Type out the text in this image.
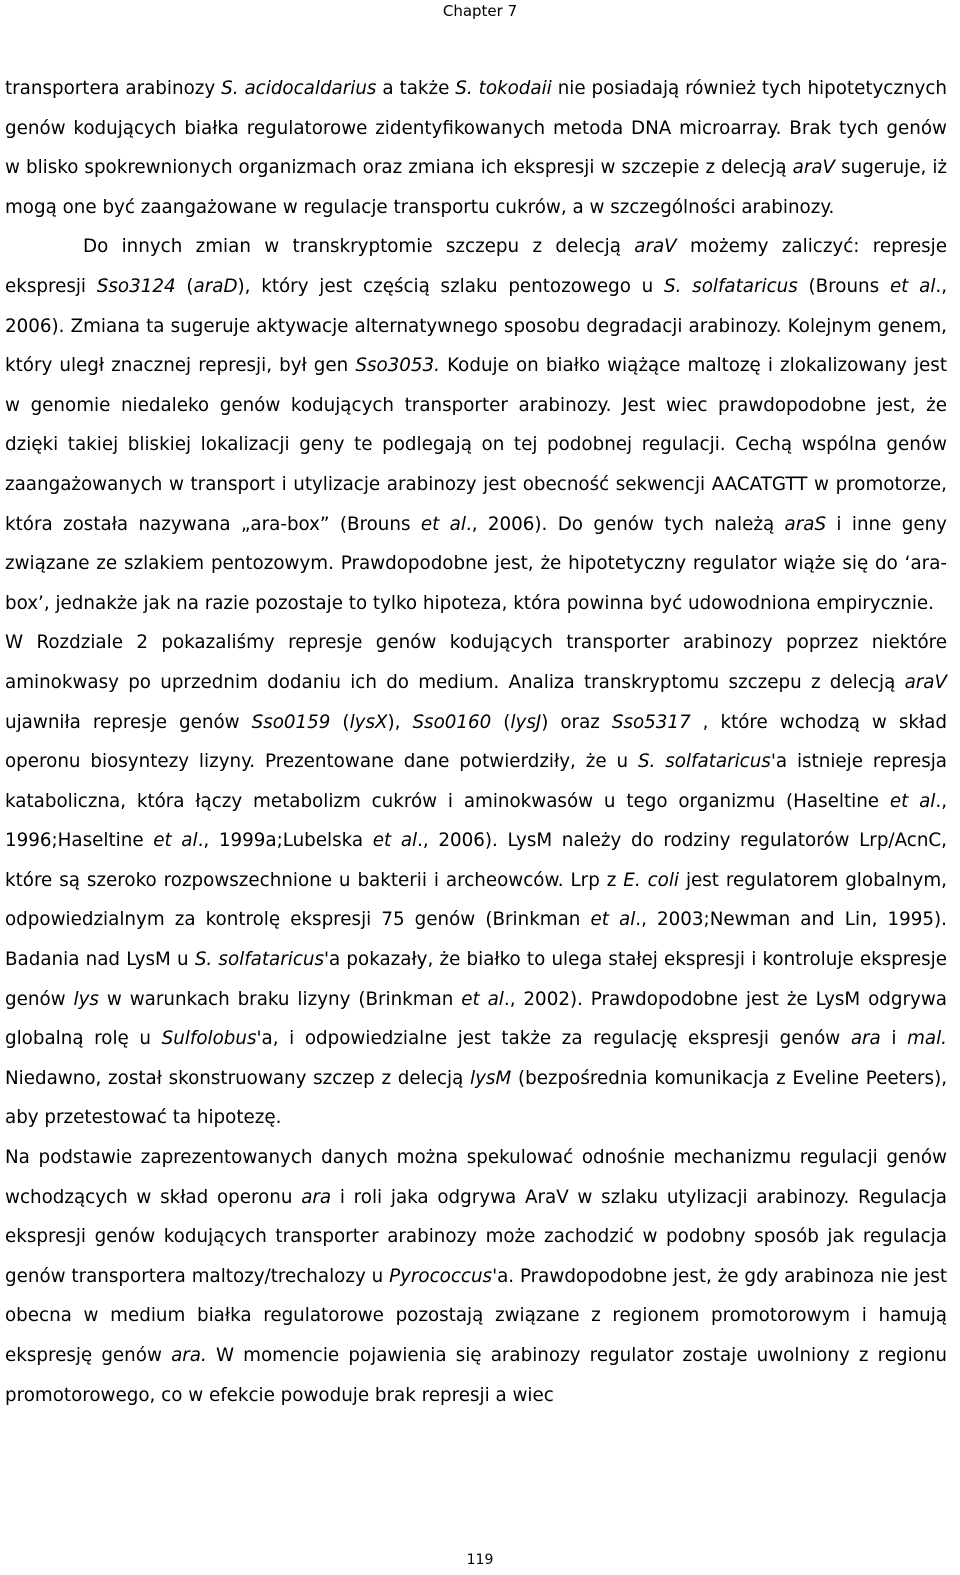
Chapter 7

transportera arabinozy S. acidocaldarius a także S. tokodaii nie posiadają również tych hipotetycznych genów kodujących białka regulatorowe zidentyfikowanych metoda DNA microarray. Brak tych genów w blisko spokrewnionych organizmach oraz zmiana ich ekspresji w szczepie z delecją araV sugeruje, iż mogą one być zaangażowane w regulacje transportu cukrów, a w szczególności arabinozy.

Do innych zmian w transkryptomie szczepu z delecją araV możemy zaliczyć: represje ekspresji Sso3124 (araD), który jest częścią szlaku pentozowego u S. solfataricus (Brouns et al., 2006). Zmiana ta sugeruje aktywacje alternatywnego sposobu degradacji arabinozy. Kolejnym genem, który uległ znacznej represji, był gen Sso3053. Koduje on białko wiążące maltozę i zlokalizowany jest w genomie niedaleko genów kodujących transporter arabinozy. Jest wiec prawdopodobne jest, że dzięki takiej bliskiej lokalizacji geny te podlegają on tej podobnej regulacji. Cechą wspólna genów zaangażowanych w transport i utylizacje arabinozy jest obecność sekwencji AACATGTT w promotorze, która została nazywana „ara-box” (Brouns et al., 2006). Do genów tych należą araS i inne geny związane ze szlakiem pentozowym. Prawdopodobne jest, że hipotetyczny regulator wiąże się do ‘ara-box’, jednakże jak na razie pozostaje to tylko hipoteza, która powinna być udowodniona empirycznie.

W Rozdziale 2 pokazaliśmy represje genów kodujących transporter arabinozy poprzez niektóre aminokwasy po uprzednim dodaniu ich do medium. Analiza transkryptomu szczepu z delecją araV ujawniła represje genów Sso0159 (lysX), Sso0160 (lysJ) oraz Sso5317 , które wchodzą w skład operonu biosyntezy lizyny. Prezentowane dane potwierdziły, że u S. solfataricus'a istnieje represja kataboliczna, która łączy metabolizm cukrów i aminokwasów u tego organizmu (Haseltine et al., 1996;Haseltine et al., 1999a;Lubelska et al., 2006). LysM należy do rodziny regulatorów Lrp/AcnC, które są szeroko rozpowszechnione u bakterii i archeowców. Lrp z E. coli jest regulatorem globalnym, odpowiedzialnym za kontrolę ekspresji 75 genów (Brinkman et al., 2003;Newman and Lin, 1995). Badania nad LysM u S. solfataricus'a pokazały, że białko to ulega stałej ekspresji i kontroluje ekspresje genów lys w warunkach braku lizyny (Brinkman et al., 2002). Prawdopodobne jest że LysM odgrywa globalną rolę u Sulfolobus'a, i odpowiedzialne jest także za regulację ekspresji genów ara i mal. Niedawno, został skonstruowany szczep z delecją lysM (bezpośrednia komunikacja z Eveline Peeters), aby przetestować ta hipotezę.

Na podstawie zaprezentowanych danych można spekulować odnośnie mechanizmu regulacji genów wchodzących w skład operonu ara i roli jaka odgrywa AraV w szlaku utylizacji arabinozy. Regulacja ekspresji genów kodujących transporter arabinozy może zachodzić w podobny sposób jak regulacja genów transportera maltozy/trechalozy u Pyrococcus'a. Prawdopodobne jest, że gdy arabinoza nie jest obecna w medium białka regulatorowe pozostają związane z regionem promotorowym i hamują ekspresję genów ara. W momencie pojawienia się arabinozy regulator zostaje uwolniony z regionu promotorowego, co w efekcie powoduje brak represji a wiec

119
